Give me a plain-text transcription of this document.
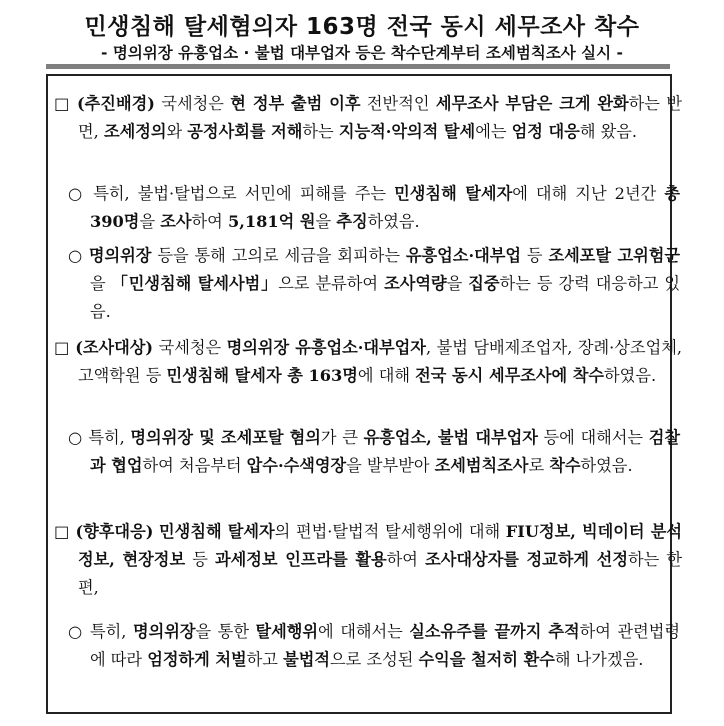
민생침해 탈세혐의자 163명 전국 동시 세무조사 착수
- 명의위장 유흥업소 · 불법 대부업자 등은 착수단계부터 조세범칙조사 실시 -

□ (추진배경) 국세청은 현 정부 출범 이후 전반적인 세무조사 부담은 크게 완화하는 반면, 조세정의와 공정사회를 저해하는 지능적·악의적 탈세에는 엄정 대응해 왔음.

○ 특히, 불법·탈법으로 서민에 피해를 주는 민생침해 탈세자에 대해 지난 2년간 총 390명을 조사하여 5,181억 원을 추징하였음.

○ 명의위장 등을 통해 고의로 세금을 회피하는 유흥업소·대부업 등 조세포탈 고위험군을 「민생침해 탈세사범」으로 분류하여 조사역량을 집중하는 등 강력 대응하고 있음.

□ (조사대상) 국세청은 명의위장 유흥업소·대부업자, 불법 담배제조업자, 장례·상조업체, 고액학원 등 민생침해 탈세자 총 163명에 대해 전국 동시 세무조사에 착수하였음.

○ 특히, 명의위장 및 조세포탈 혐의가 큰 유흥업소, 불법 대부업자 등에 대해서는 검찰과 협업하여 처음부터 압수·수색영장을 발부받아 조세범칙조사로 착수하였음.

□ (향후대응) 민생침해 탈세자의 편법·탈법적 탈세행위에 대해 FIU정보, 빅데이터 분석 정보, 현장정보 등 과세정보 인프라를 활용하여 조사대상자를 정교하게 선정하는 한편,

○ 특히, 명의위장을 통한 탈세행위에 대해서는 실소유주를 끝까지 추적하여 관련법령에 따라 엄정하게 처벌하고 불법적으로 조성된 수익을 철저히 환수해 나가겠음.
